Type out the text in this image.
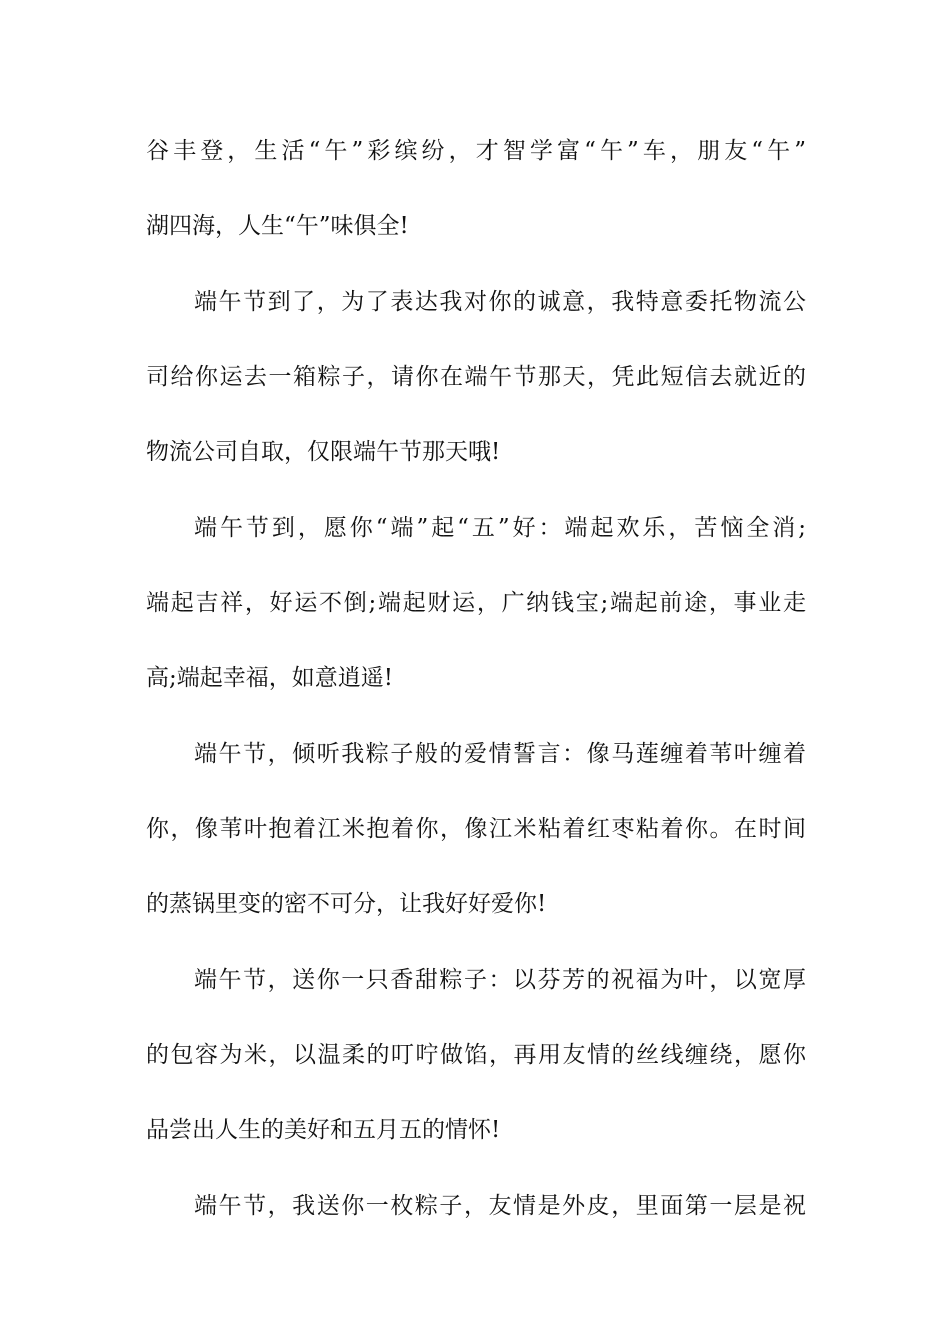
谷丰登，生活“午”彩缤纷，才智学富“午”车，朋友“午”
湖四海，人生“午”味俱全!
端午节到了，为了表达我对你的诚意，我特意委托物流公
司给你运去一箱粽子，请你在端午节那天，凭此短信去就近的
物流公司自取，仅限端午节那天哦!
端午节到，愿你“端”起“五”好：端起欢乐，苦恼全消;
端起吉祥，好运不倒;端起财运，广纳钱宝;端起前途，事业走
高;端起幸福，如意逍遥!
端午节，倾听我粽子般的爱情誓言：像马莲缠着苇叶缠着
你，像苇叶抱着江米抱着你，像江米粘着红枣粘着你。在时间
的蒸锅里变的密不可分，让我好好爱你!
端午节，送你一只香甜粽子：以芬芳的祝福为叶，以宽厚
的包容为米，以温柔的叮咛做馅，再用友情的丝线缠绕，愿你
品尝出人生的美好和五月五的情怀!
端午节，我送你一枚粽子，友情是外皮，里面第一层是祝
